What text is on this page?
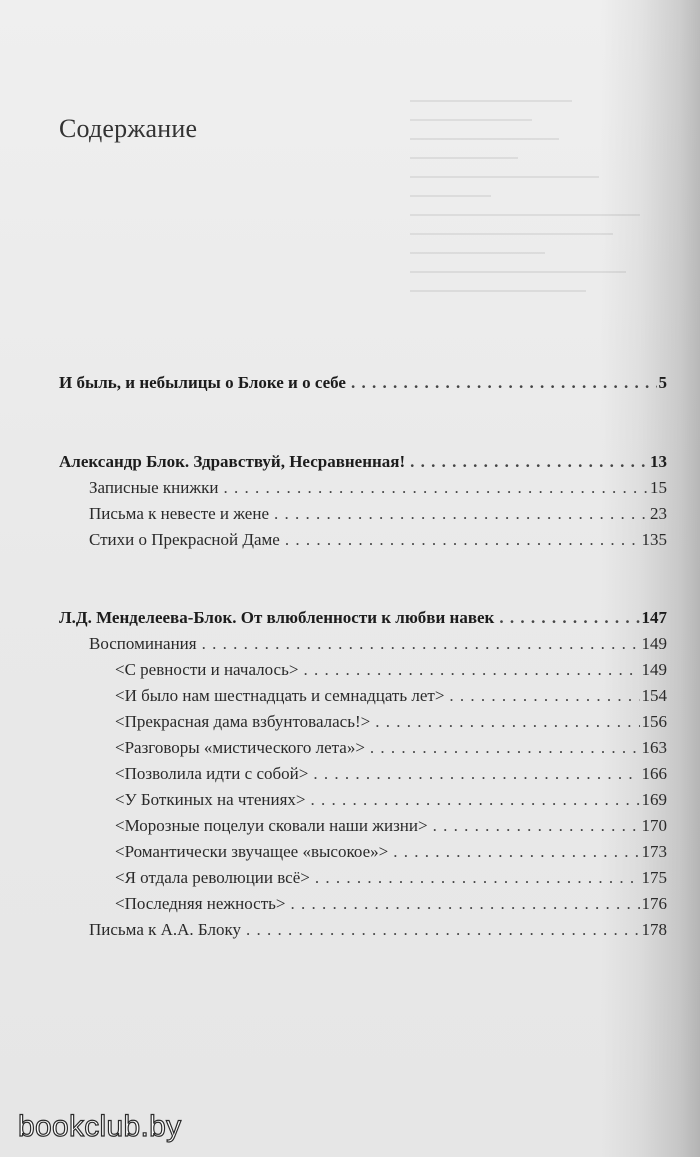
Содержание
И быль, и небылицы о Блоке и о себе . . .	5
Александр Блок. Здравствуй, Несравненная! . . .	13
Записные книжки . . .	15
Письма к невесте и жене . . .	23
Стихи о Прекрасной Даме . . .	135
Л.Д. Менделеева-Блок. От влюбленности к любви навек . . .	147
Воспоминания . . .	149
<С ревности и началось> . . .	149
<И было нам шестнадцать и семнадцать лет> . . .	154
<Прекрасная дама взбунтовалась!> . . .	156
<Разговоры «мистического лета»> . . .	163
<Позволила идти с собой> . . .	166
<У Боткиных на чтениях> . . .	169
<Морозные поцелуи сковали наши жизни> . . .	170
<Романтически звучащее «высокое»> . . .	173
<Я отдала революции всё> . . .	175
<Последняя нежность> . . .	176
Письма к А.А. Блоку . . .	178
bookclub.by
